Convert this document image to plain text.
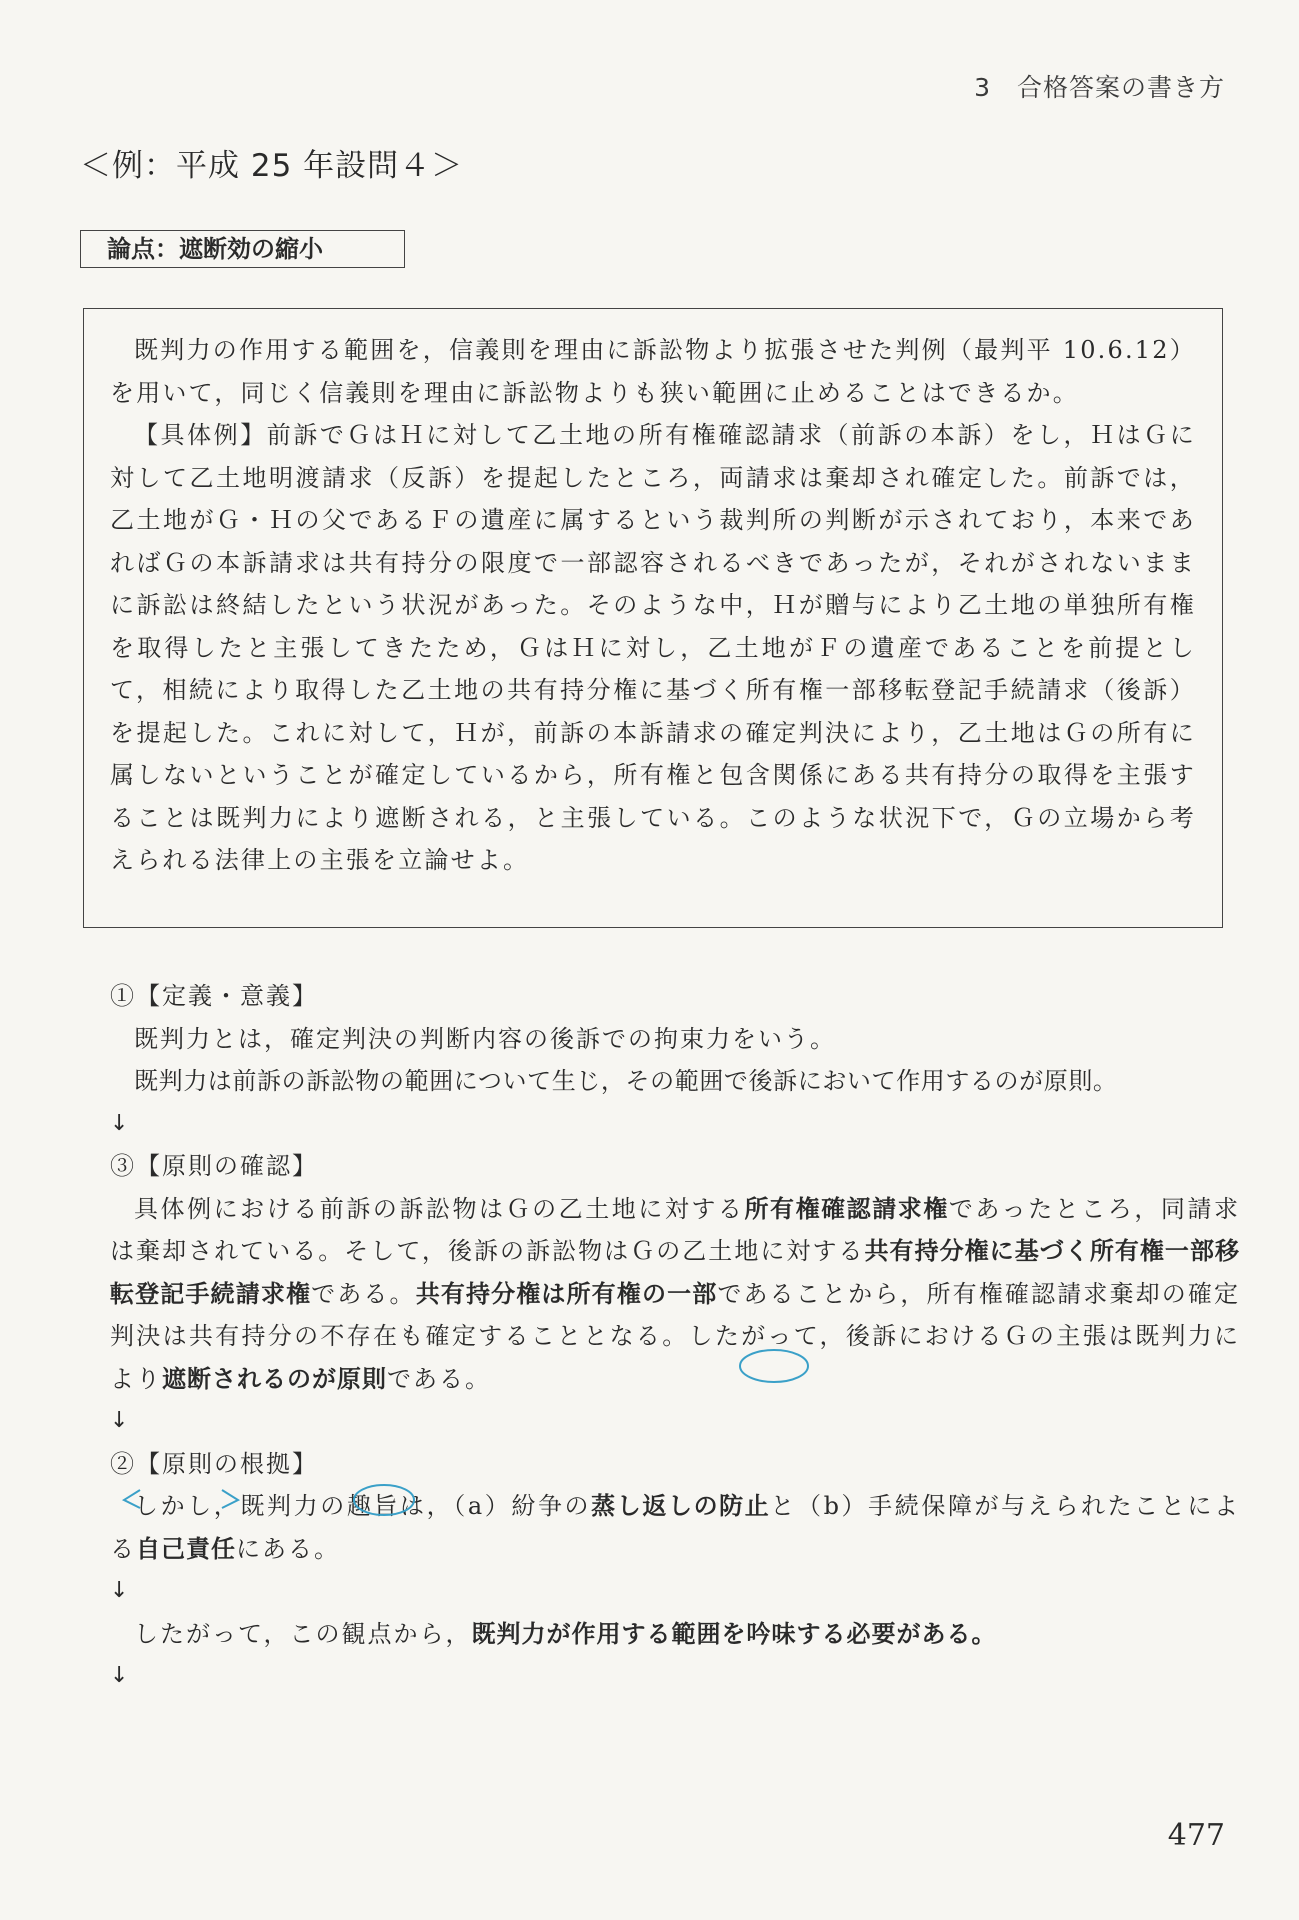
3　合格答案の書き方
＜例：平成 25 年設問４＞
論点：遮断効の縮小

既判力の作用する範囲を，信義則を理由に訴訟物より拡張させた判例（最判平 10.6.12）を用いて，同じく信義則を理由に訴訟物よりも狭い範囲に止めることはできるか。

【具体例】前訴でＧはＨに対して乙土地の所有権確認請求（前訴の本訴）をし，ＨはＧに対して乙土地明渡請求（反訴）を提起したところ，両請求は棄却され確定した。前訴では，乙土地がＧ・Ｈの父であるＦの遺産に属するという裁判所の判断が示されており，本来であればＧの本訴請求は共有持分の限度で一部認容されるべきであったが，それがされないままに訴訟は終結したという状況があった。そのような中，Ｈが贈与により乙土地の単独所有権を取得したと主張してきたため，ＧはＨに対し，乙土地がＦの遺産であることを前提として，相続により取得した乙土地の共有持分権に基づく所有権一部移転登記手続請求（後訴）を提起した。これに対して，Ｈが，前訴の本訴請求の確定判決により，乙土地はＧの所有に属しないということが確定しているから，所有権と包含関係にある共有持分の取得を主張することは既判力により遮断される，と主張している。このような状況下で，Ｇの立場から考えられる法律上の主張を立論せよ。

①【定義・意義】

既判力とは，確定判決の判断内容の後訴での拘束力をいう。

既判力は前訴の訴訟物の範囲について生じ，その範囲で後訴において作用するのが原則。

↓

③【原則の確認】

具体例における前訴の訴訟物はＧの乙土地に対する所有権確認請求権であったところ，同請求は棄却されている。そして，後訴の訴訟物はＧの乙土地に対する共有持分権に基づく所有権一部移転登記手続請求権である。共有持分権は所有権の一部であることから，所有権確認請求棄却の確定判決は共有持分の不存在も確定することとなる。したがって，後訴におけるＧの主張は既判力により遮断されるのが原則である。

↓

②【原則の根拠】

しかし，既判力の趣旨は，（a）紛争の蒸し返しの防止と（b）手続保障が与えられたことによる自己責任にある。

↓

したがって，この観点から，既判力が作用する範囲を吟味する必要がある。

↓

477
